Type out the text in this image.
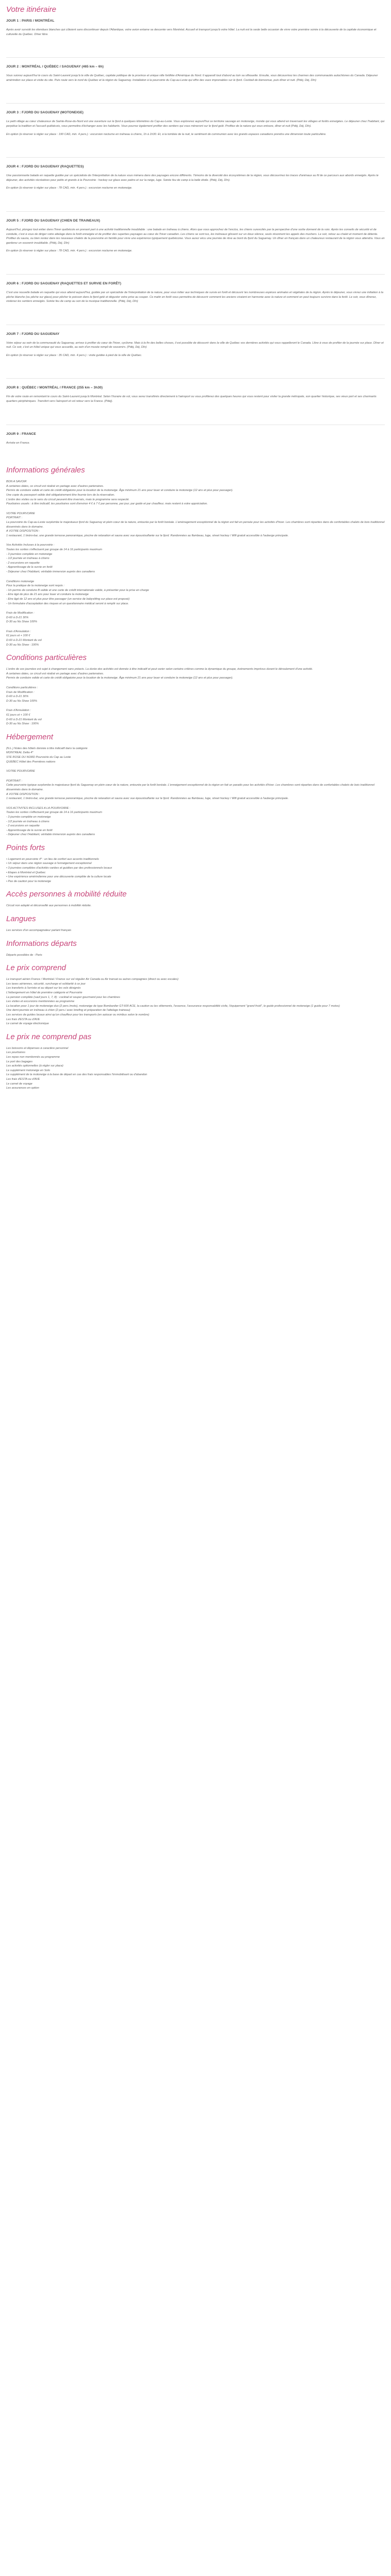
Votre itinéraire
JOUR 1 : PARIS / MONTRÉAL

Après avoir survolé les étendues blanches qui côtoient sans discontinuer depuis l'Atlantique, votre avion entame sa descente vers Montréal. Accueil et transport jusqu'à votre hôtel. La nuit est la seule belle occasion de vivre votre première soirée à la découverte de la capitale économique et culturelle du Québec. Dîner libre.

JOUR 2 : MONTRÉAL / QUÉBEC / SAGUENAY (465 km – 6h)

Vous suivrez aujourd'hui le cours du Saint-Laurent jusqu'à la ville de Québec, capitale politique de la province et unique ville fortifiée d'Amérique du Nord. Il apparaît tout d'abord au loin sa silhouette. Ensuite, vous découvrirez les charmes des communautés autochtones du Canada. Déjeuner amérindien sur place et visite du site. Puis route vers le nord du Québec et la région du Saguenay. Installation à la pourvoirie du Cap-au-Leste qui offre des vues imprenables sur le fjord. Cocktail de bienvenue, puis dîner et nuit. (Pdéj, Déj, Dîn)

JOUR 3 : FJORD DU SAGUENAY (MOTONEIGE)

Le petit village au cœur chaleureux de Sainte-Rose-du-Nord est une ouverture sur le fjord à quelques kilomètres du Cap-au-Leste. Vous explorerez aujourd'hui ce territoire sauvage en motoneige, monde qui vous attend en traversant les villages et forêts enneigées. Le déjeuner chez l'habitant, qui perpétue la tradition et l'accueil québécois, vous permettra d'échanger avec les habitants. Vous pourrez également profiter des sentiers qui vous mèneront sur le fjord gelé. Profitez de la nature qui vous entoure, dîner et nuit (Pdéj, Déj, Dîn).

En option (à réserver à régler sur place : 190 CAD, min. 4 pers.) : excursion nocturne en traîneau à chiens, 1h à 1h30. Et, à la tombée de la nuit, le sentiment de communion avec les grands espaces canadiens prendra une dimension toute particulière.

JOUR 4 : FJORD DU SAGUENAY (RAQUETTES)

Une passionnante balade en raquette guidée par un spécialiste de l'interprétation de la nature vous mènera dans des paysages encore différents. Témoins de la diversité des écosystèmes de la région, vous découvrirez les traces d'animaux au fil de ce parcours aux abords enneigés. Après le déjeuner, des activités récréatives pour petits et grands à la Pourvoirie : hockey sur glace avec patins et sur la neige, luge. Soirée feu de camp à la belle étoile. (Pdéj, Déj, Dîn).

En option (à réserver à régler sur place : 78 CAD, min. 4 pers.) : excursion nocturne en motoneige.

JOUR 5 : FJORD DU SAGUENAY (CHIEN DE TRAINEAUX)

Aujourd'hui, plongez tout entier dans l'hiver québécois en prenant part à une activité traditionnelle inoubliable : une balade en traîneau à chiens. Alors que vous approchez de l'enclos, les chiens surexcités par la perspective d'une sortie donnent de la voix. Après les conseils de sécurité et de conduite, c'est à vous de diriger votre attelage dans la forêt enneigée et de profiter des superbes paysages au cœur de l'hiver canadien. Les chiens se sont tus, les traîneaux glissent sur un doux silence, seuls résonnent les appels des mushers. Le soir, retour au chalet et moment de détente. Profitez du sauna, ou bien restez dans les nouveaux chalets de la pourvoirie en famille pour vivre une expérience typiquement québécoise. Vous aurez vécu une journée de rêve au bord du fjord du Saguenay. Un dîner en français dans un chaleureux restaurant de la région vous attendra. Vous en garderez un souvenir inoubliable. (Pdéj, Déj, Dîn)

En option (à réserver à régler sur place : 78 CAD, min. 4 pers.) : excursion nocturne en motoneige.

JOUR 6 : FJORD DU SAGUENAY (RAQUETTES ET SURVIE EN FORÊT)

C'est une nouvelle balade en raquette qui vous attend aujourd'hui, guidée par un spécialiste de l'interprétation de la nature, pour vous initier aux techniques de survie en forêt et découvrir les nombreuses espèces animales et végétales de la région. Après le déjeuner, vous vivrez une initiation à la pêche blanche (ou pêche sur glace) pour pêcher le poisson dans le fjord gelé et déguster votre prise au souper. Ce matin en forêt vous permettra de découvrir comment les anciens vivaient en harmonie avec la nature et comment on peut toujours survivre dans la forêt. Le soir, vous dînerez, visiterez les sentiers enneigés. Soirée feu de camp au son de la musique traditionnelle. (Pdéj, Déj, Dîn)

JOUR 7 : FJORD DU SAGUENAY

Votre séjour au sein de la communauté du Saguenay, arrivez à profiter du cœur de l'hiver, cyclisme. Mais à la fin des belles choses, il est possible de découvrir dans la ville de Québec vos dernières activités qui vous rappelleront le Canada. Libre à vous de profiter de la journée sur place. Dîner et nuit. Ce soir, c'est un hôtel unique qui vous accueille, au sein d'un musée rempli de souvenirs. (Pdéj, Déj, Dîn)

En option (à réserver à régler sur place : 35 CAD, min. 4 pers.) : visite guidée à pied de la ville de Québec.

JOUR 8 : QUÉBEC / MONTRÉAL / FRANCE (255 km – 3h30)

Fin de votre route en remontant le cours du Saint-Laurent jusqu'à Montréal. Selon l'horaire de vol, vous serez transférés directement à l'aéroport ou vous profiterez des quelques heures qui vous restent pour visiter la grande métropole, son quartier historique, ses vieux port et ses charmants quartiers périphériques. Transfert vers l'aéroport et vol retour vers la France. (Pdéj).

JOUR 9 : FRANCE

Arrivée en France.

Informations générales
BON A SAVOIR
A certaines dates, ce circuit est réalisé en partage avec d'autres partenaires.
Permis de conduire valide et carte de crédit obligatoire pour la location de la motoneige. Âge minimum 21 ans pour louer et conduire la motoneige (12 ans et plus pour passager).
Une copie du passeport valide doit obligatoirement être fournie lors de la réservation.
L'ordre des visites ou le sens du circuit peuvent être inversés, mais le programme sera respecté.
Pourboires usuels : à titre indicatif, les pourboires sont d'environ 4 € à 7 € par personne, par jour, par guide et par chauffeur, mais restent à votre appréciation.
VOTRE POURVOIRIE
PORTRAIT :
La pourvoirie du Cap-au-Leste surplombe le majestueux fjord du Saguenay et plein cœur de la nature, entourée par la forêt boréale. L'aménagement exceptionnel de la région est fait en pensée pour les activités d'hiver. Les chambres sont réparties dans de confortables chalets de bois traditionnel disseminés dans le domaine.
A VOTRE DISPOSITION :
1 restaurant, 1 bistro-bar, une grande terrasse panoramique, piscine de relaxation et sauna avec vue époustouflante sur le fjord. Randonnées au flambeau, luge, street hockey / Wifi gratuit accessible à l'auberge principale.
Vos Activités Incluses à la pourvoirie :
Toutes les sorties s'effectuent par groupe de 14 à 16 participants maximum
- 3 journées complète en motoneige
- 1/2 journée en traîneau à chiens
- 2 excursions en raquette
- Apprentissage de la survie en forêt
- Déjeuner chez l'Habitant, véritable immersion auprès des canadiens
Conditions motoneige
Pour la pratique de la motoneige sont requis :
- Un permis de conduire B valide et une carte de crédit internationale valide, à présenter pour la prise en charge
- Etre âgé de plus de 21 ans pour louer et conduire la motoneige
- Etre âgé de 12 ans et plus pour être passager (un service de babysitting sur place est proposé)
- Un formulaire d'acceptation des risques et un questionnaire médical seront à remplir sur place.
Frais de Modification :
D-60 à D-21 30%
D-30 au No Show 100%
Frais d'Annulation :
61 jours et + 100 €
D-60 à D-21 Montant du vol
D-30 au No Show : 100%
Conditions particulières
L'ordre de ces journées est sujet à changement sans préavis. La durée des activités est donnée à titre indicatif et peut varier selon certains critères comme la dynamique du groupe, événements imprévus durant le déroulement d'une activité.
A certaines dates, ce circuit est réalisé en partage avec d'autres partenaires.
Permis de conduire valide et carte de crédit obligatoire pour la location de la motoneige. Âge minimum 21 ans pour louer et conduire la motoneige (12 ans et plus pour passager).
Conditions particulières :
Frais de Modification :
D-60 à D-21 30%
D-30 au No Show 100%
Frais d'Annulation :
61 jours et + 100 €
D-60 à D-21 Montant du vol
D-30 au No Show : 100%
Hébergement
(N.L.) Notes des hôtels donnée à titre indicatif dans la catégorie
MONTREAL Delta 4*
STE ROSE DU NORD Pourvoirie du Cap au Leste
QUEBEC Hôtel des Premières nations
VOTRE POURVOIRIE
PORTRAIT :
Cette pourvoirie typique surplombe le majestueux fjord du Saguenay en plein cœur de la nature, entourée par la forêt boréale. L'enneigement exceptionnel de la région en fait un paradis pour les activités d'hiver. Les chambres sont réparties dans de confortables chalets de bois traditionnel disseminés dans le domaine.
A VOTRE DISPOSITION :
1 restaurant, 1 bistro-bar, une grande terrasse panoramique, piscine de relaxation et sauna avec vue époustouflante sur le fjord. Randonnées au flambeau, luge, street hockey / Wifi gratuit accessible à l'auberge principale.
VOS ACTIVITES INCLUSES A LA POURVOIRIE :
Toutes les sorties s'effectuent par groupe de 14 à 16 participants maximum
- 3 journée complète en motoneige
- 1/2 journée en traîneau à chiens
- 2 excursions en raquette
- Apprentissage de la survie en forêt
- Déjeuner chez l'Habitant, véritable immersion auprès des canadiens
Points forts
• Logement en pourvoirie 4* : un lieu de confort aux accents traditionnels
• Un séjour dans une région sauvage à l'enneigement exceptionnel
• 3 journées complètes d'activités variées et guidées par des professionnels locaux
• Etapes à Montréal et Québec
• Une expérience amérindienne pour une découverte complète de la culture locale
• Pas de caution pour la motoneige
Accès personnes à mobilité réduite
Circuit non adapté et déconseillé aux personnes à mobilité réduite.
Langues
Les services d'un accompagnateur parlant français
Informations départs
Départs possibles de : Paris
Le prix comprend
Le transport aérien France / Montréal / France sur vol régulier Air Canada ou Air transat ou autres compagnies (direct ou avec escales)
Les taxes aériennes, sécurité, surcharge et solidarité à ce jour
Les transferts à l'arrivée et au départ sur les vols désignés
L'hébergement en hôtel de première catégorie et Pourvoirie
La pension complète (sauf jours 1, 7, 8) : cocktail et souper gourmand pour les chambres
Les visites et excursions mentionnées au programme
La location pour 1 jour de motoneige duo (2 pers./moto), motoneige de type Bombardier GT-600 ACE, la caution ou les vêtements, l'essence, l'assurance responsabilité civile, l'équipement "grand froid", le guide professionnel de motoneige (1 guide pour 7 motos)
Une demi-journée en traîneau à chien (2 pers./ avec briefing et préparation de l'attelage traineau)
Les services de guides locaux ainsi qu'un chauffeur pour les transports (en autocar ou minibus selon le nombre)
Les frais d'ESTA ou d'AVE
Le carnet de voyage électronique
Le prix ne comprend pas
Les boissons et dépenses à caractère personnel
Les pourboires
Les repas non mentionnés au programme
Le port des bagages
Les activités optionnelles (à régler sur place)
Le supplément motoneige en Solo
Le supplément de la motoneige à la base de départ en cas des frais responsables l'immobilisant ou d'abandon
Les frais d'ESTA ou d'AVE
Le carnet de voyage
Les assurances en option
